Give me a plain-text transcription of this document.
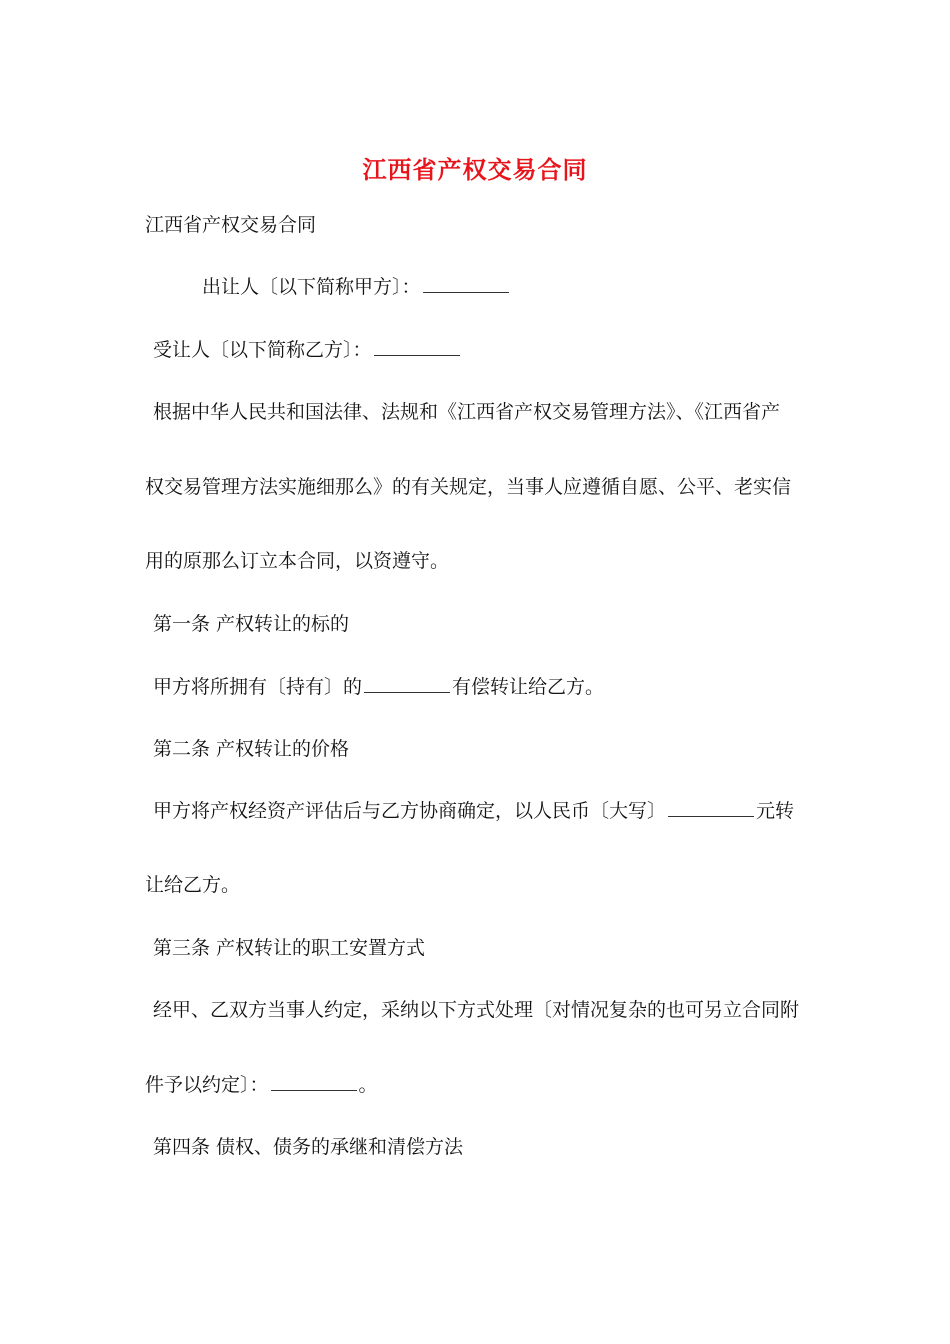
江西省产权交易合同
江西省产权交易合同
出让人〔以下简称甲方〕：
受让人〔以下简称乙方〕：
根据中华人民共和国法律、法规和《江西省产权交易管理方法》、《江西省产
权交易管理方法实施细那么》的有关规定，当事人应遵循自愿、公平、老实信
用的原那么订立本合同，以资遵守。
第一条 产权转让的标的
甲方将所拥有〔持有〕的	有偿转让给乙方。
第二条 产权转让的价格
甲方将产权经资产评估后与乙方协商确定，以人民币〔大写〕	元转
让给乙方。
第三条 产权转让的职工安置方式
经甲、乙双方当事人约定，采纳以下方式处理〔对情况复杂的也可另立合同附
件予以约定〕：	。
第四条 债权、债务的承继和清偿方法
